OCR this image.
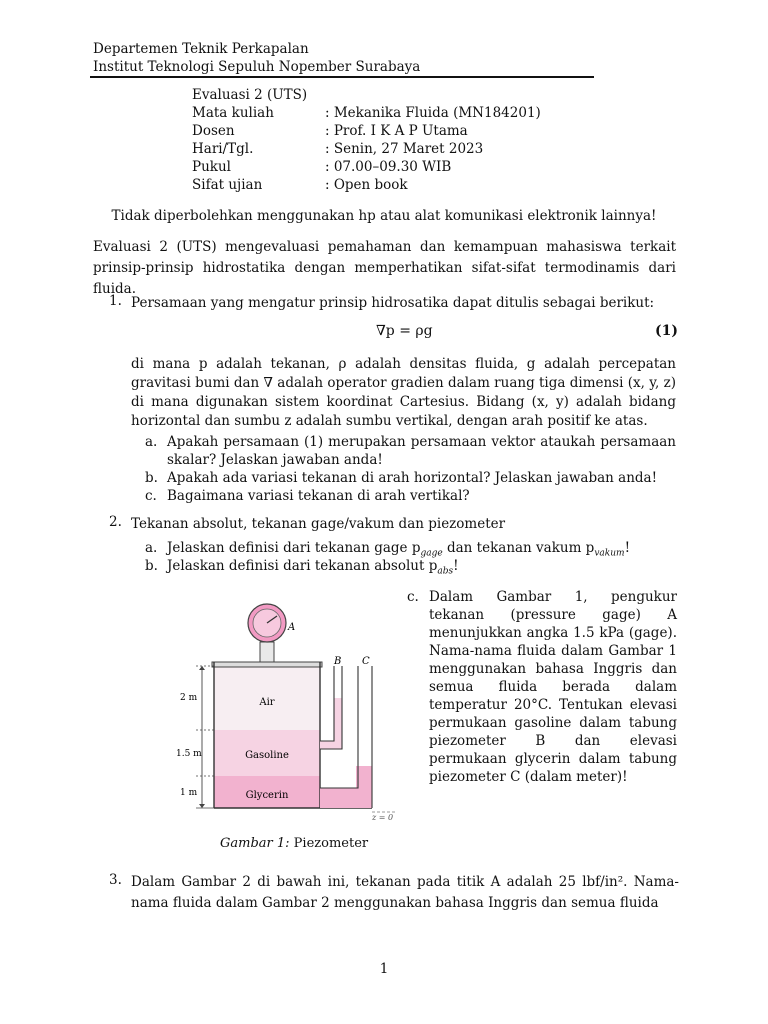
Departemen Teknik Perkapalan
Institut Teknologi Sepuluh Nopember Surabaya
Evaluasi 2 (UTS)
Mata kuliah	: Mekanika Fluida (MN184201)
Dosen	: Prof. I K A P Utama
Hari/Tgl.	: Senin, 27 Maret 2023
Pukul	: 07.00–09.30 WIB
Sifat ujian	: Open book
Tidak diperbolehkan menggunakan hp atau alat komunikasi elektronik lainnya!
Evaluasi 2 (UTS) mengevaluasi pemahaman dan kemampuan mahasiswa terkait prinsip-prinsip hidrostatika dengan memperhatikan sifat-sifat termodinamis dari fluida.
1. Persamaan yang mengatur prinsip hidrosatika dapat ditulis sebagai berikut:
∇p = ρg	(1)
di mana p adalah tekanan, ρ adalah densitas fluida, g adalah percepatan gravitasi bumi dan ∇ adalah operator gradien dalam ruang tiga dimensi (x, y, z) di mana digunakan sistem koordinat Cartesius. Bidang (x, y) adalah bidang horizontal dan sumbu z adalah sumbu vertikal, dengan arah positif ke atas.
a. Apakah persamaan (1) merupakan persamaan vektor ataukah persamaan skalar? Jelaskan jawaban anda!
b. Apakah ada variasi tekanan di arah horizontal? Jelaskan jawaban anda!
c. Bagaimana variasi tekanan di arah vertikal?
2. Tekanan absolut, tekanan gage/vakum dan piezometer
a. Jelaskan definisi dari tekanan gage $p_{gage}$ dan tekanan vakum $p_{vakum}$!
b. Jelaskan definisi dari tekanan absolut $p_{abs}$!
c. Dalam Gambar 1, pengukur tekanan (pressure gage) A menunjukkan angka 1.5 kPa (gage). Nama-nama fluida dalam Gambar 1 menggunakan bahasa Inggris dan semua fluida berada dalam temperatur 20°C. Tentukan elevasi permukaan gasoline dalam tabung piezometer B dan elevasi permukaan glycerin dalam tabung piezometer C (dalam meter)!
A
B C
Air
Gasoline
Glycerin
2 m
1.5 m
1 m
z = 0
Gambar 1: Piezometer
3. Dalam Gambar 2 di bawah ini, tekanan pada titik A adalah 25 lbf/in². Nama-nama fluida dalam Gambar 2 menggunakan bahasa Inggris dan semua fluida
1
